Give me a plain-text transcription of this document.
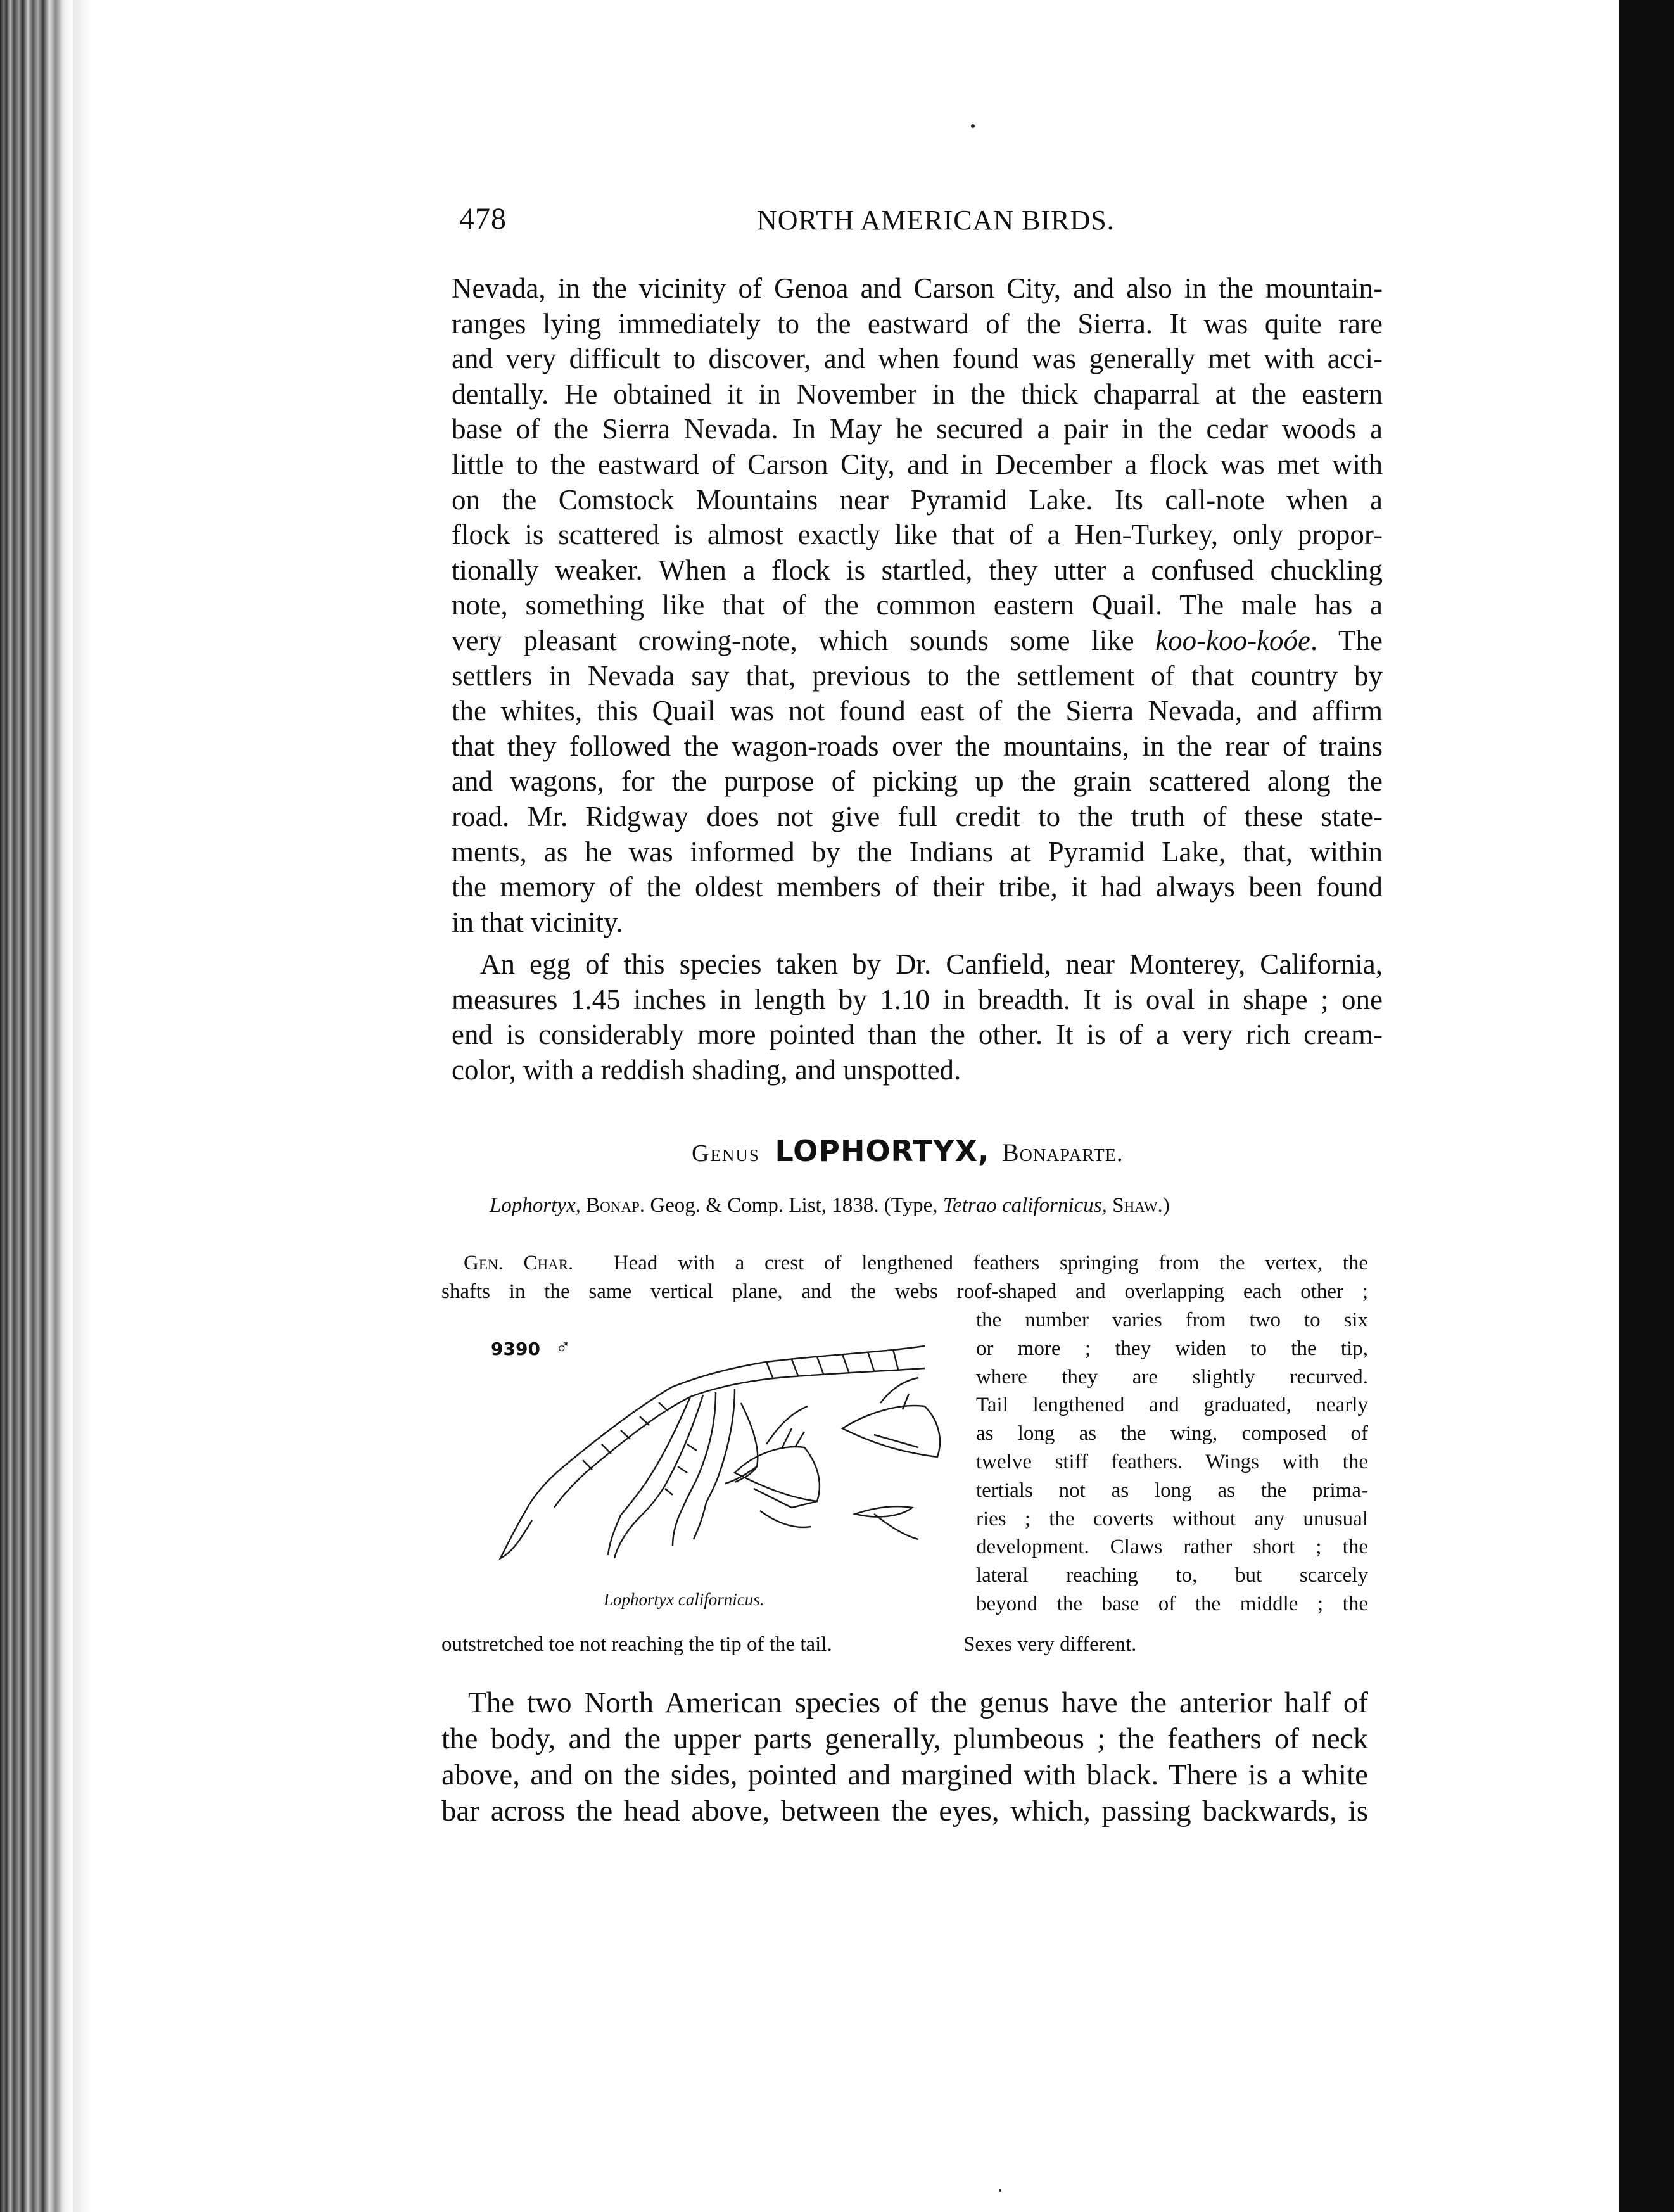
478	NORTH AMERICAN BIRDS.
Nevada, in the vicinity of Genoa and Carson City, and also in the mountain-
ranges lying immediately to the eastward of the Sierra. It was quite rare
and very difficult to discover, and when found was generally met with acci-
dentally. He obtained it in November in the thick chaparral at the eastern
base of the Sierra Nevada. In May he secured a pair in the cedar woods a
little to the eastward of Carson City, and in December a flock was met with
on the Comstock Mountains near Pyramid Lake. Its call-note when a
flock is scattered is almost exactly like that of a Hen-Turkey, only propor-
tionally weaker. When a flock is startled, they utter a confused chuckling
note, something like that of the common eastern Quail. The male has a
very pleasant crowing-note, which sounds some like koo-koo-koóe. The
settlers in Nevada say that, previous to the settlement of that country by
the whites, this Quail was not found east of the Sierra Nevada, and affirm
that they followed the wagon-roads over the mountains, in the rear of trains
and wagons, for the purpose of picking up the grain scattered along the
road. Mr. Ridgway does not give full credit to the truth of these state-
ments, as he was informed by the Indians at Pyramid Lake, that, within
the memory of the oldest members of their tribe, it had always been found
in that vicinity.
An egg of this species taken by Dr. Canfield, near Monterey, California,
measures 1.45 inches in length by 1.10 in breadth. It is oval in shape ; one
end is considerably more pointed than the other. It is of a very rich cream-
color, with a reddish shading, and unspotted.
Genus LOPHORTYX, Bonaparte.
Lophortyx, Bonap. Geog. & Comp. List, 1838. (Type, Tetrao californicus, Shaw.)
Gen. Char. Head with a crest of lengthened feathers springing from the vertex, the
shafts in the same vertical plane, and the webs roof-shaped and overlapping each other ;
the number varies from two to six
or more ; they widen to the tip,
where they are slightly recurved.
Tail lengthened and graduated, nearly
as long as the wing, composed of
twelve stiff feathers. Wings with the
tertials not as long as the prima-
ries ; the coverts without any unusual
development. Claws rather short ; the
lateral reaching to, but scarcely
beyond the base of the middle ; the
outstretched toe not reaching the tip of the tail.	Sexes very different.
9390 ♂
Lophortyx californicus.
The two North American species of the genus have the anterior half of
the body, and the upper parts generally, plumbeous ; the feathers of neck
above, and on the sides, pointed and margined with black. There is a white
bar across the head above, between the eyes, which, passing backwards, is
